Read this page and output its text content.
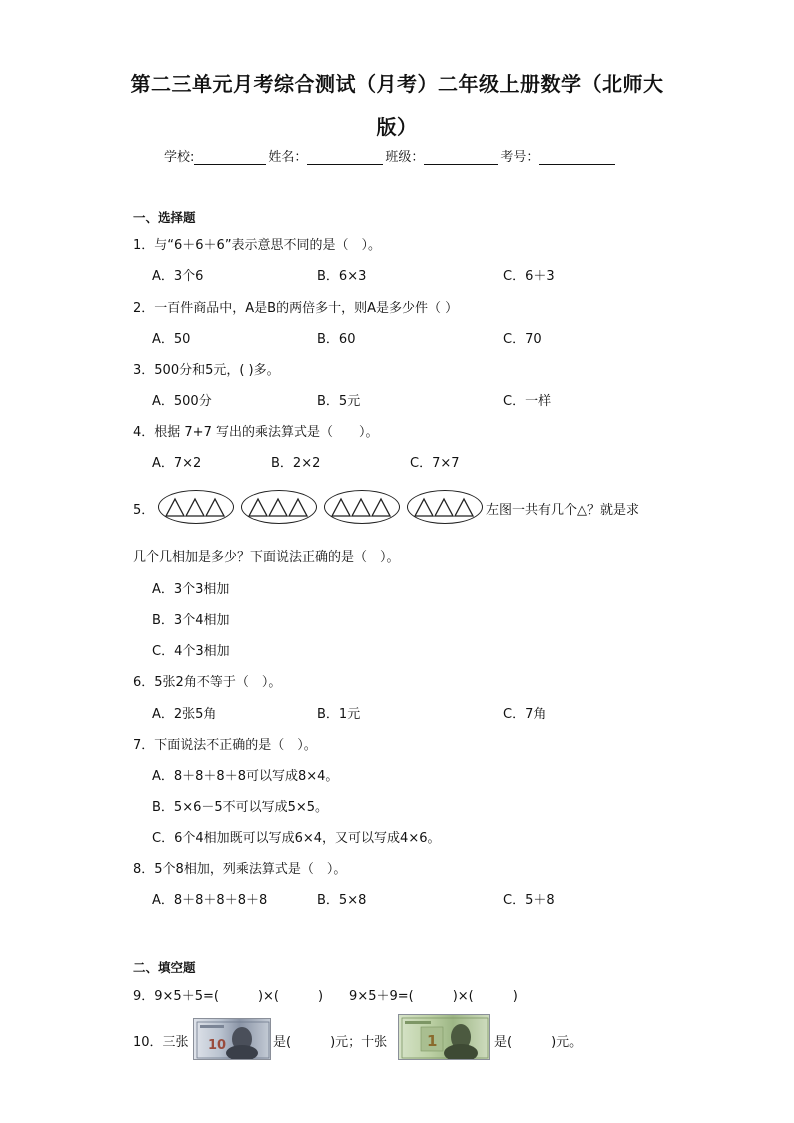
第二三单元月考综合测试（月考）二年级上册数学（北师大
版）
学校:	姓名：	班级：	考号：
一、选择题
1．与“6＋6＋6”表示意思不同的是（　）。
A．3个6	B．6×3	C．6＋3
2．一百件商品中，A是B的两倍多十，则A是多少件（ ）
A．50	B．60	C．70
3．500分和5元，( )多。
A．500分	B．5元	C．一样
4．根据 7+7 写出的乘法算式是（　　）。
A．7×2	B．2×2	C．7×7
5．	左图一共有几个△？就是求
几个几相加是多少？下面说法正确的是（　）。
A．3个3相加
B．3个4相加
C．4个3相加
6．5张2角不等于（　）。
A．2张5角	B．1元	C．7角
7．下面说法不正确的是（　）。
A．8＋8＋8＋8可以写成8×4。
B．5×6－5不可以写成5×5。
C．6个4相加既可以写成6×4，又可以写成4×6。
8．5个8相加，列乘法算式是（　）。
A．8＋8＋8＋8＋8	B．5×8	C．5＋8
二、填空题
9．9×5＋5=(　　　)×(　　　)　　9×5＋9=(　　　)×(　　　)
10．三张 10	是(　　　)元；十张	1	是(　　　)元。
